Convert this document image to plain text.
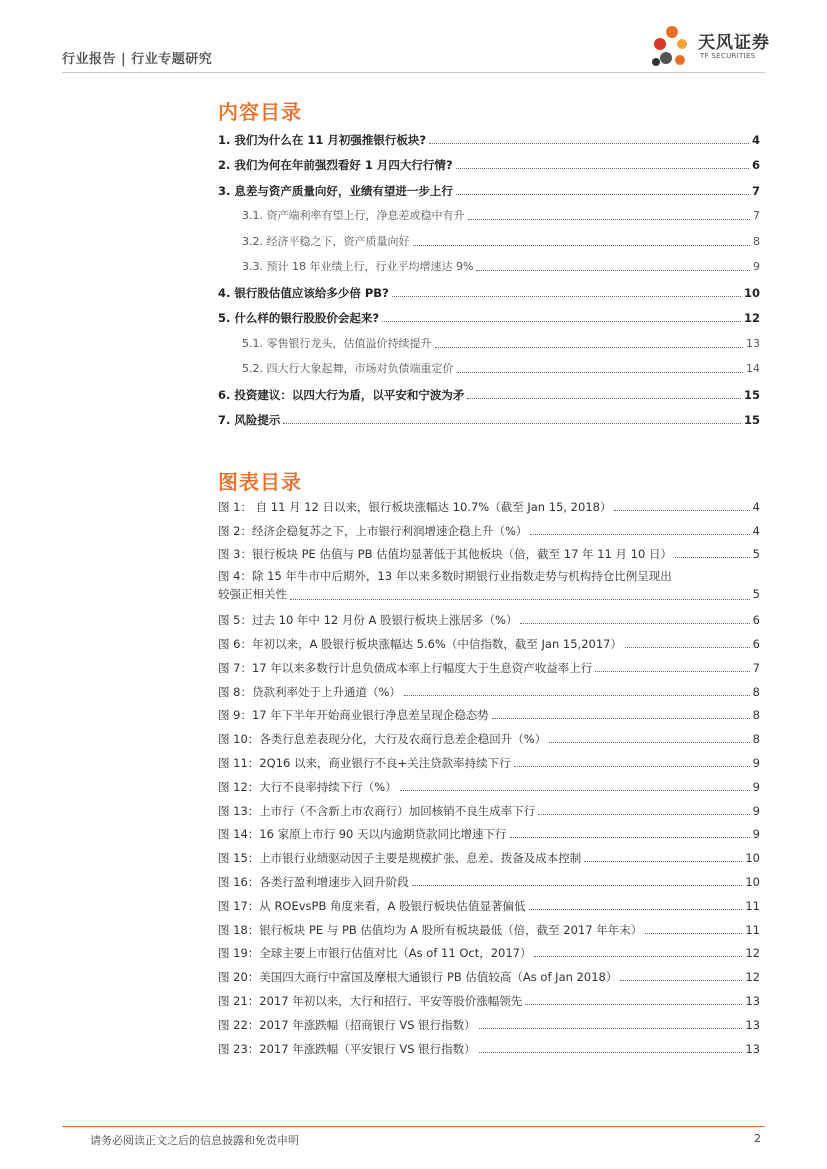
行业报告 | 行业专题研究
天风证券
TF SECURITIES
内容目录
1. 我们为什么在 11 月初强推银行板块?	4
2. 我们为何在年前强烈看好 1 月四大行行情?	6
3. 息差与资产质量向好，业绩有望进一步上行	7
3.1. 资产端利率有望上行，净息差或稳中有升	7
3.2. 经济平稳之下，资产质量向好	8
3.3. 预计 18 年业绩上行，行业平均增速达 9%	9
4. 银行股估值应该给多少倍 PB?	10
5. 什么样的银行股股价会起来?	12
5.1. 零售银行龙头，估值溢价持续提升	13
5.2. 四大行大象起舞，市场对负债端重定价	14
6. 投资建议：以四大行为盾，以平安和宁波为矛	15
7. 风险提示	15
图表目录
图 1： 自 11 月 12 日以来，银行板块涨幅达 10.7%（截至 Jan 15, 2018）	4
图 2：经济企稳复苏之下，上市银行利润增速企稳上升（%）	4
图 3：银行板块 PE 估值与 PB 估值均显著低于其他板块（倍，截至 17 年 11 月 10 日）	5
图 4：除 15 年牛市中后期外，13 年以来多数时期银行业指数走势与机构持仓比例呈现出
较强正相关性	5
图 5：过去 10 年中 12 月份 A 股银行板块上涨居多（%）	6
图 6：年初以来，A 股银行板块涨幅达 5.6%（中信指数，截至 Jan 15,2017）	6
图 7：17 年以来多数行计息负债成本率上行幅度大于生息资产收益率上行	7
图 8：贷款利率处于上升通道（%）	8
图 9：17 年下半年开始商业银行净息差呈现企稳态势	8
图 10：各类行息差表现分化，大行及农商行息差企稳回升（%）	8
图 11：2Q16 以来，商业银行不良+关注贷款率持续下行	9
图 12：大行不良率持续下行（%）	9
图 13：上市行（不含新上市农商行）加回核销不良生成率下行	9
图 14：16 家原上市行 90 天以内逾期贷款同比增速下行	9
图 15：上市银行业绩驱动因子主要是规模扩张、息差、拨备及成本控制	10
图 16：各类行盈利增速步入回升阶段	10
图 17：从 ROEvsPB 角度来看，A 股银行板块估值显著偏低	11
图 18：银行板块 PE 与 PB 估值均为 A 股所有板块最低（倍，截至 2017 年年末）	11
图 19：全球主要上市银行估值对比（As of 11 Oct，2017）	12
图 20：美国四大商行中富国及摩根大通银行 PB 估值较高（As of Jan 2018）	12
图 21：2017 年初以来，大行和招行、平安等股价涨幅领先	13
图 22：2017 年涨跌幅（招商银行 VS 银行指数）	13
图 23：2017 年涨跌幅（平安银行 VS 银行指数）	13
请务必阅读正文之后的信息披露和免责申明	2
